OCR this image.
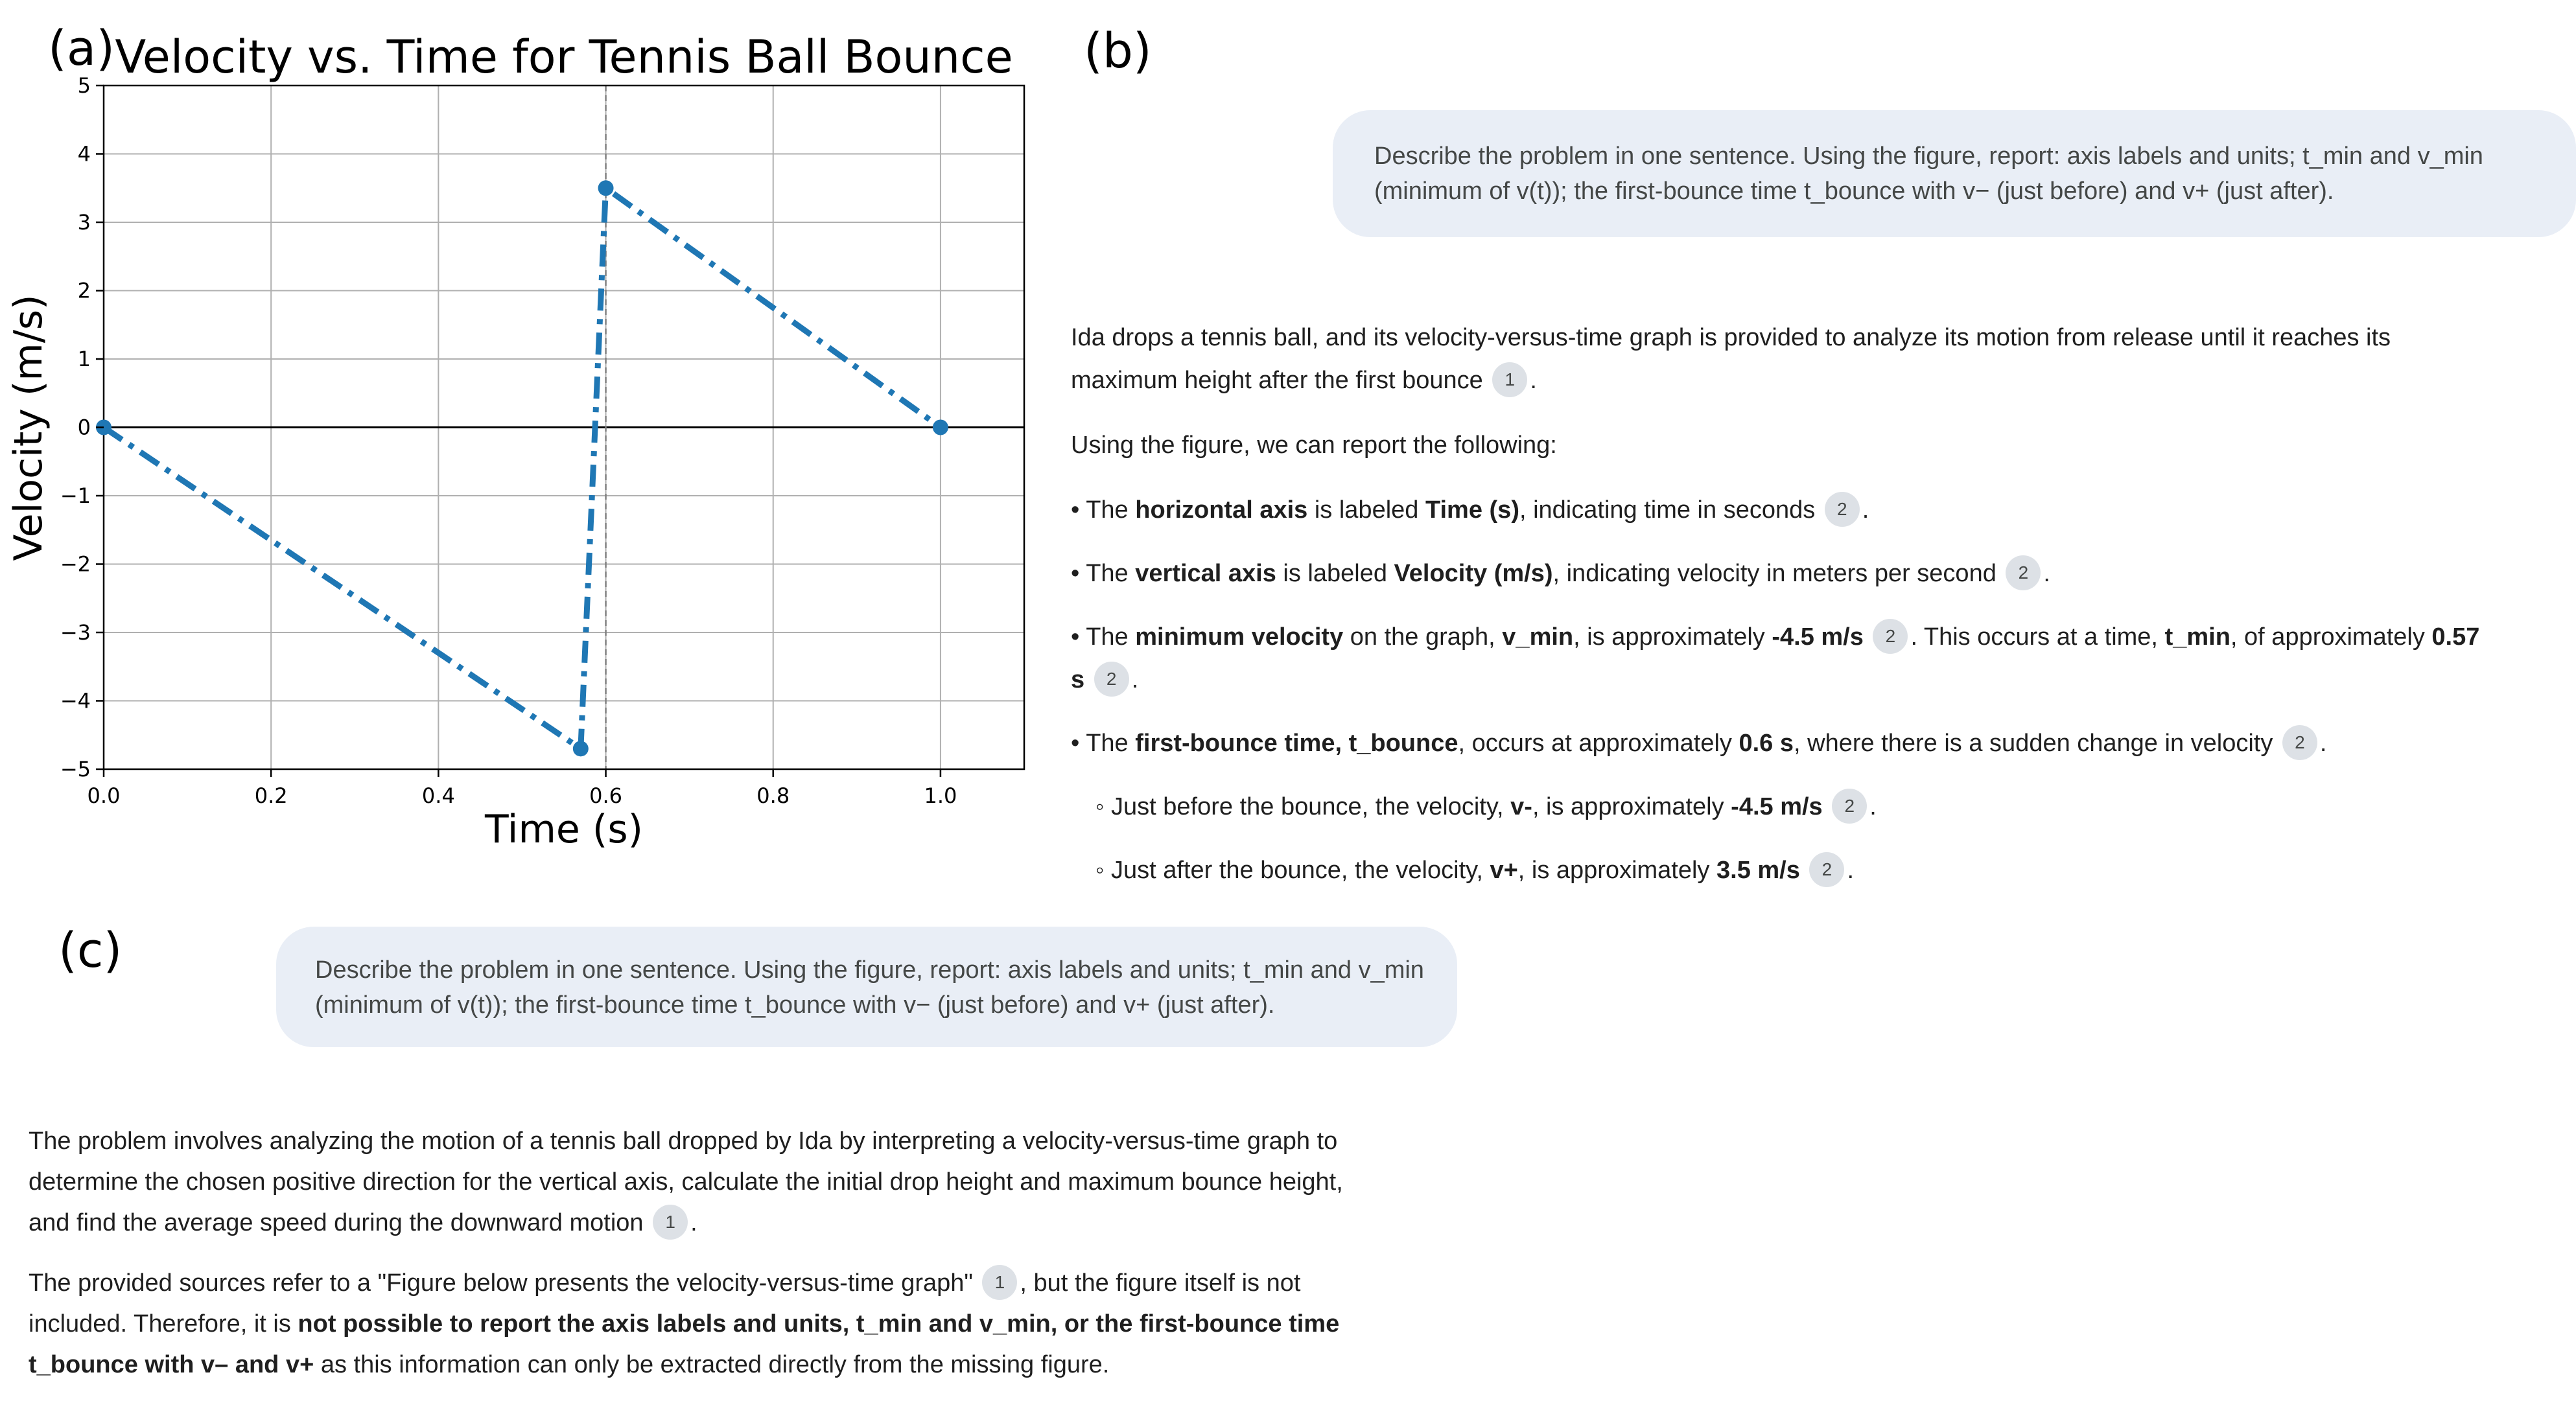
(a)	(b)
(c)
Velocity vs. Time for Tennis Ball Bounce
Time (s)
Velocity (m/s)
0.0	0.2	0.4	0.6	0.8	1.0
−5
−4
−3
−2
−1
0
1
2
3
4
5
Describe the problem in one sentence. Using the figure, report: axis labels and units; t_min and v_min (minimum of v(t)); the first-bounce time t_bounce with v− (just before) and v+ (just after).

Ida drops a tennis ball, and its velocity-versus-time graph is provided to analyze its motion from release until it reaches its maximum height after the first bounce 1 .

Using the figure, we can report the following:

• The horizontal axis is labeled Time (s), indicating time in seconds 2 .

• The vertical axis is labeled Velocity (m/s), indicating velocity in meters per second 2 .

• The minimum velocity on the graph, v_min, is approximately -4.5 m/s 2 . This occurs at a time, t_min, of approximately 0.57 s 2 .

• The first-bounce time, t_bounce, occurs at approximately 0.6 s, where there is a sudden change in velocity 2 .

◦ Just before the bounce, the velocity, v-, is approximately -4.5 m/s 2 .

◦ Just after the bounce, the velocity, v+, is approximately 3.5 m/s 2 .

Describe the problem in one sentence. Using the figure, report: axis labels and units; t_min and v_min (minimum of v(t)); the first-bounce time t_bounce with v− (just before) and v+ (just after).

The problem involves analyzing the motion of a tennis ball dropped by Ida by interpreting a velocity-versus-time graph to determine the chosen positive direction for the vertical axis, calculate the initial drop height and maximum bounce height, and find the average speed during the downward motion 1 .

The provided sources refer to a "Figure below presents the velocity-versus-time graph" 1 , but the figure itself is not included. Therefore, it is not possible to report the axis labels and units, t_min and v_min, or the first-bounce time t_bounce with v– and v+ as this information can only be extracted directly from the missing figure.
